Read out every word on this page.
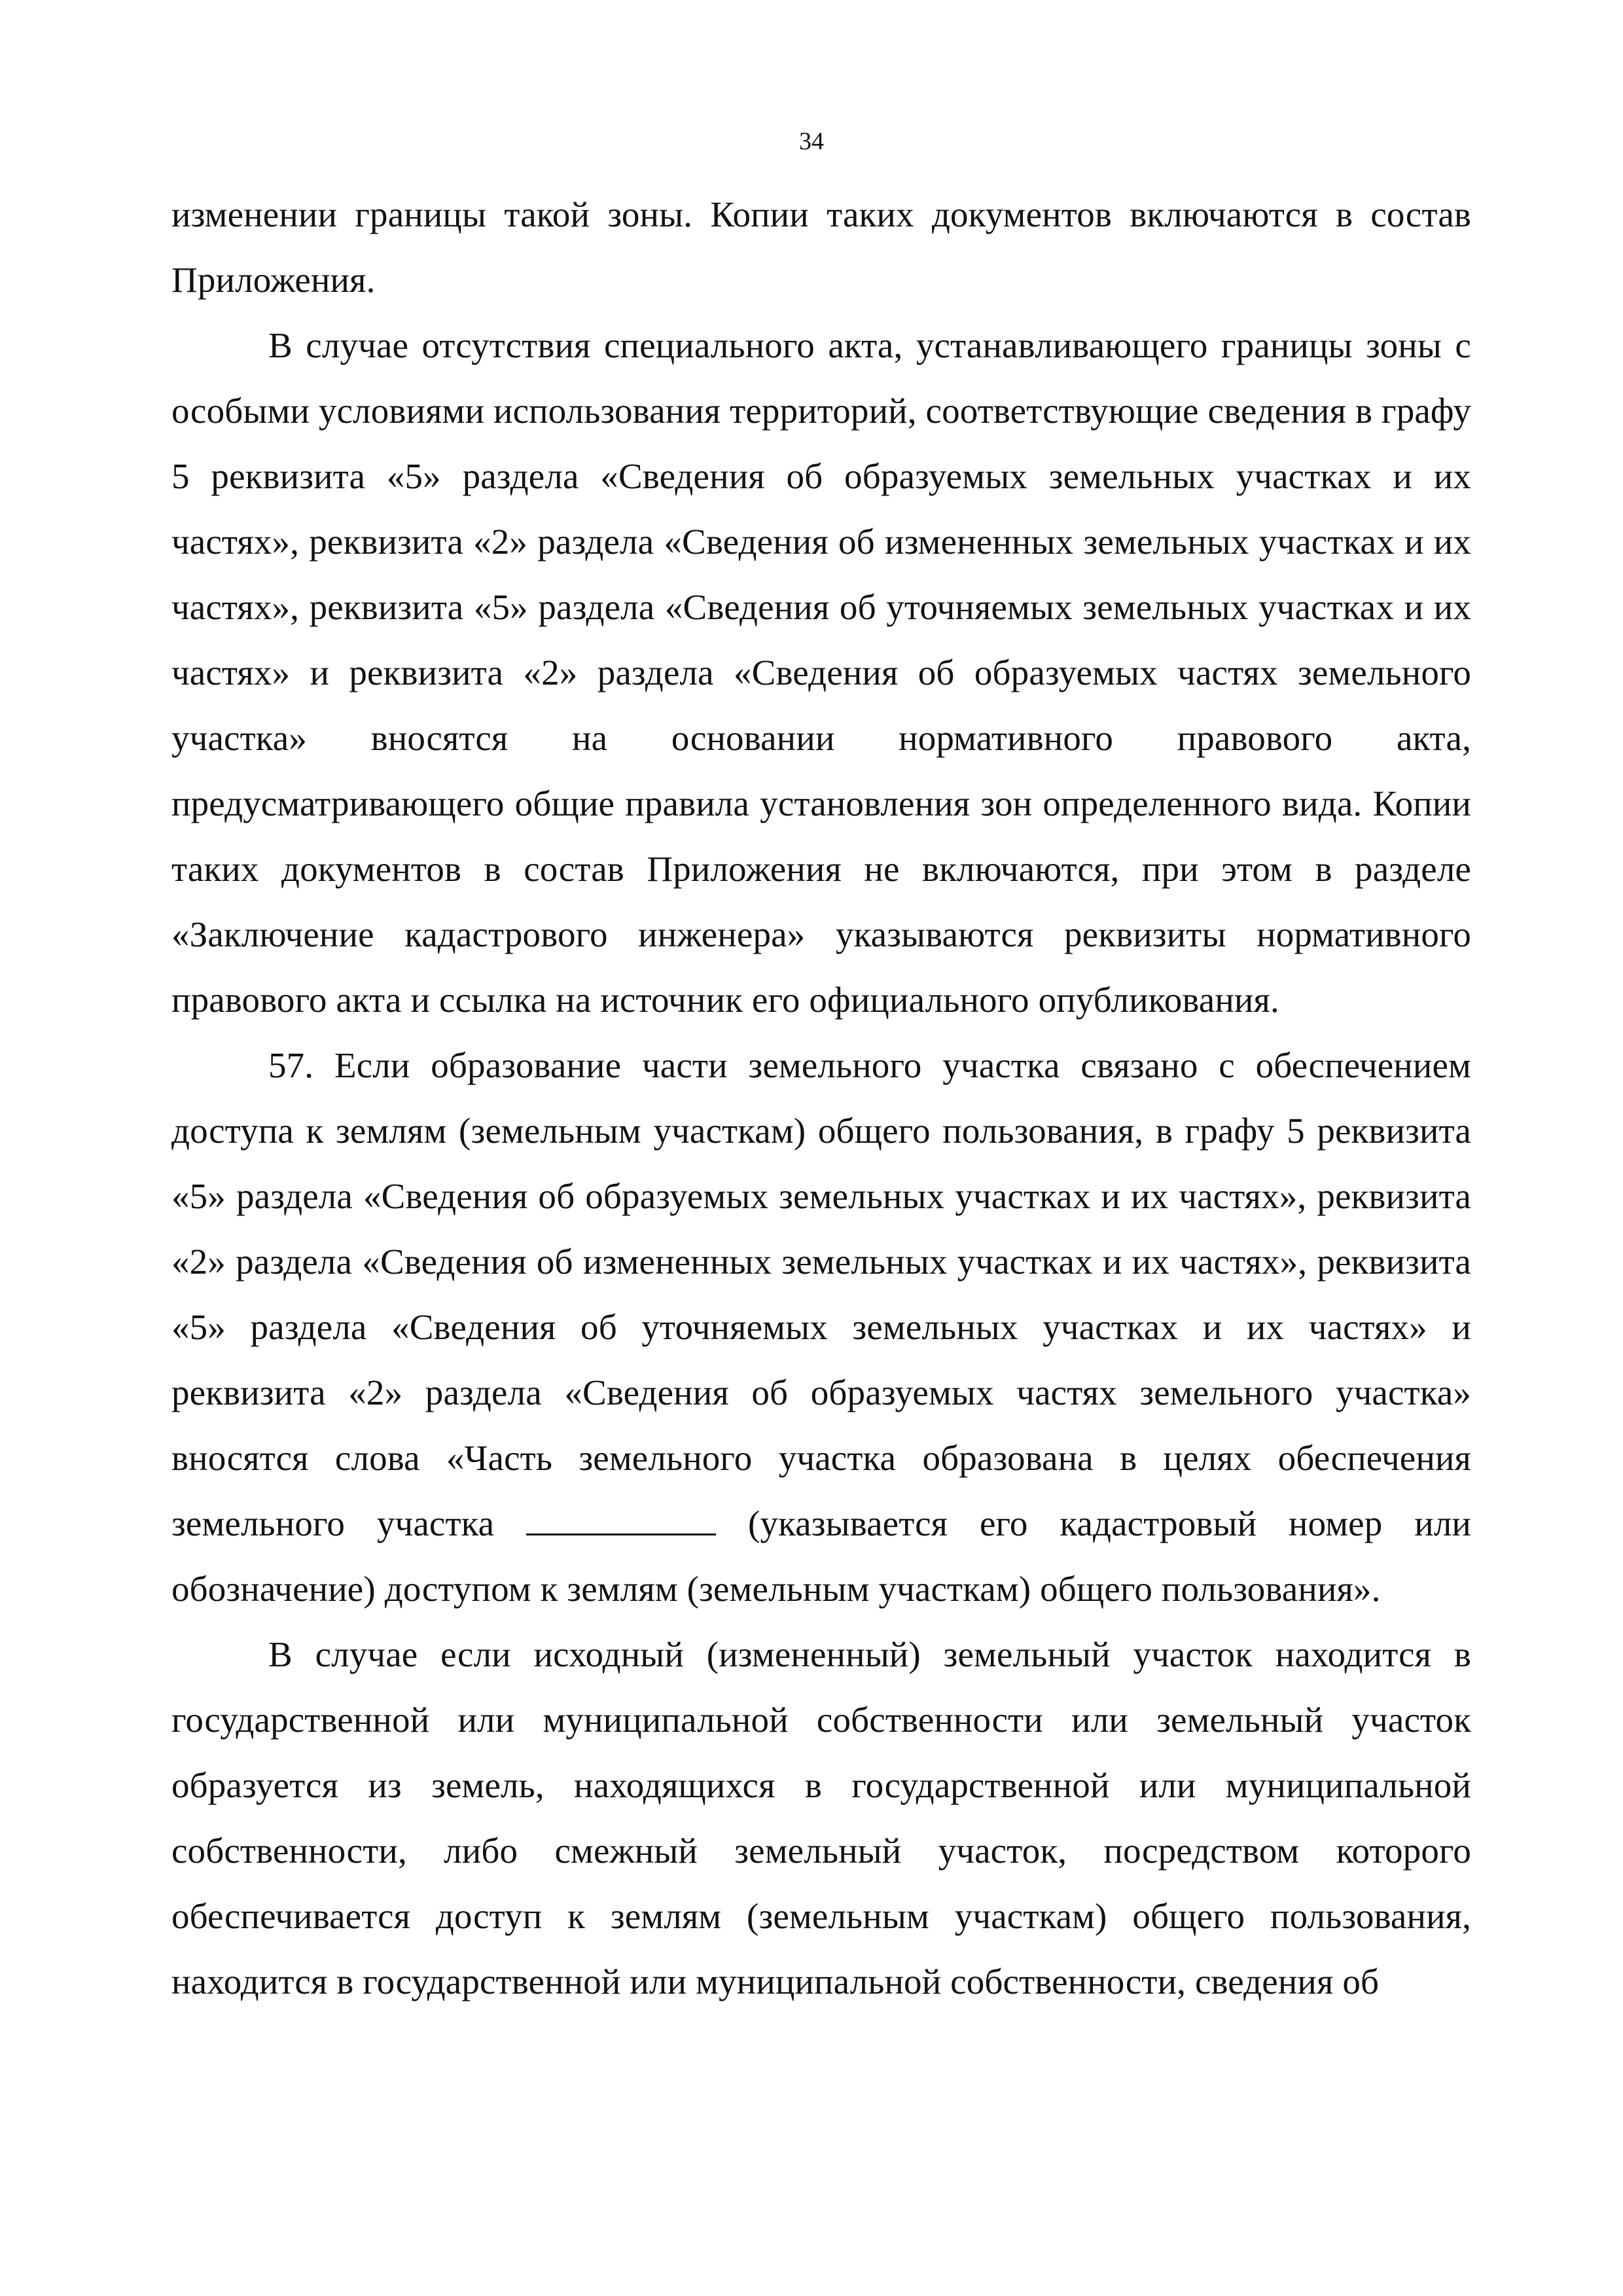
34

изменении границы такой зоны. Копии таких документов включаются в состав Приложения.

В случае отсутствия специального акта, устанавливающего границы зоны с особыми условиями использования территорий, соответствующие сведения в графу 5 реквизита «5» раздела «Сведения об образуемых земельных участках и их частях», реквизита «2» раздела «Сведения об измененных земельных участках и их частях», реквизита «5» раздела «Сведения об уточняемых земельных участках и их частях» и реквизита «2» раздела «Сведения об образуемых частях земельного участка» вносятся на основании нормативного правового акта, предусматривающего общие правила установления зон определенного вида. Копии таких документов в состав Приложения не включаются, при этом в разделе «Заключение кадастрового инженера» указываются реквизиты нормативного правового акта и ссылка на источник его официального опубликования.

57. Если образование части земельного участка связано с обеспечением доступа к землям (земельным участкам) общего пользования, в графу 5 реквизита «5» раздела «Сведения об образуемых земельных участках и их частях», реквизита «2» раздела «Сведения об измененных земельных участках и их частях», реквизита «5» раздела «Сведения об уточняемых земельных участках и их частях» и реквизита «2» раздела «Сведения об образуемых частях земельного участка» вносятся слова «Часть земельного участка образована в целях обеспечения земельного участка	(указывается его кадастровый номер или обозначение) доступом к землям (земельным участкам) общего пользования».

В случае если исходный (измененный) земельный участок находится в государственной или муниципальной собственности или земельный участок образуется из земель, находящихся в государственной или муниципальной собственности, либо смежный земельный участок, посредством которого обеспечивается доступ к землям (земельным участкам) общего пользования, находится в государственной или муниципальной собственности, сведения об
